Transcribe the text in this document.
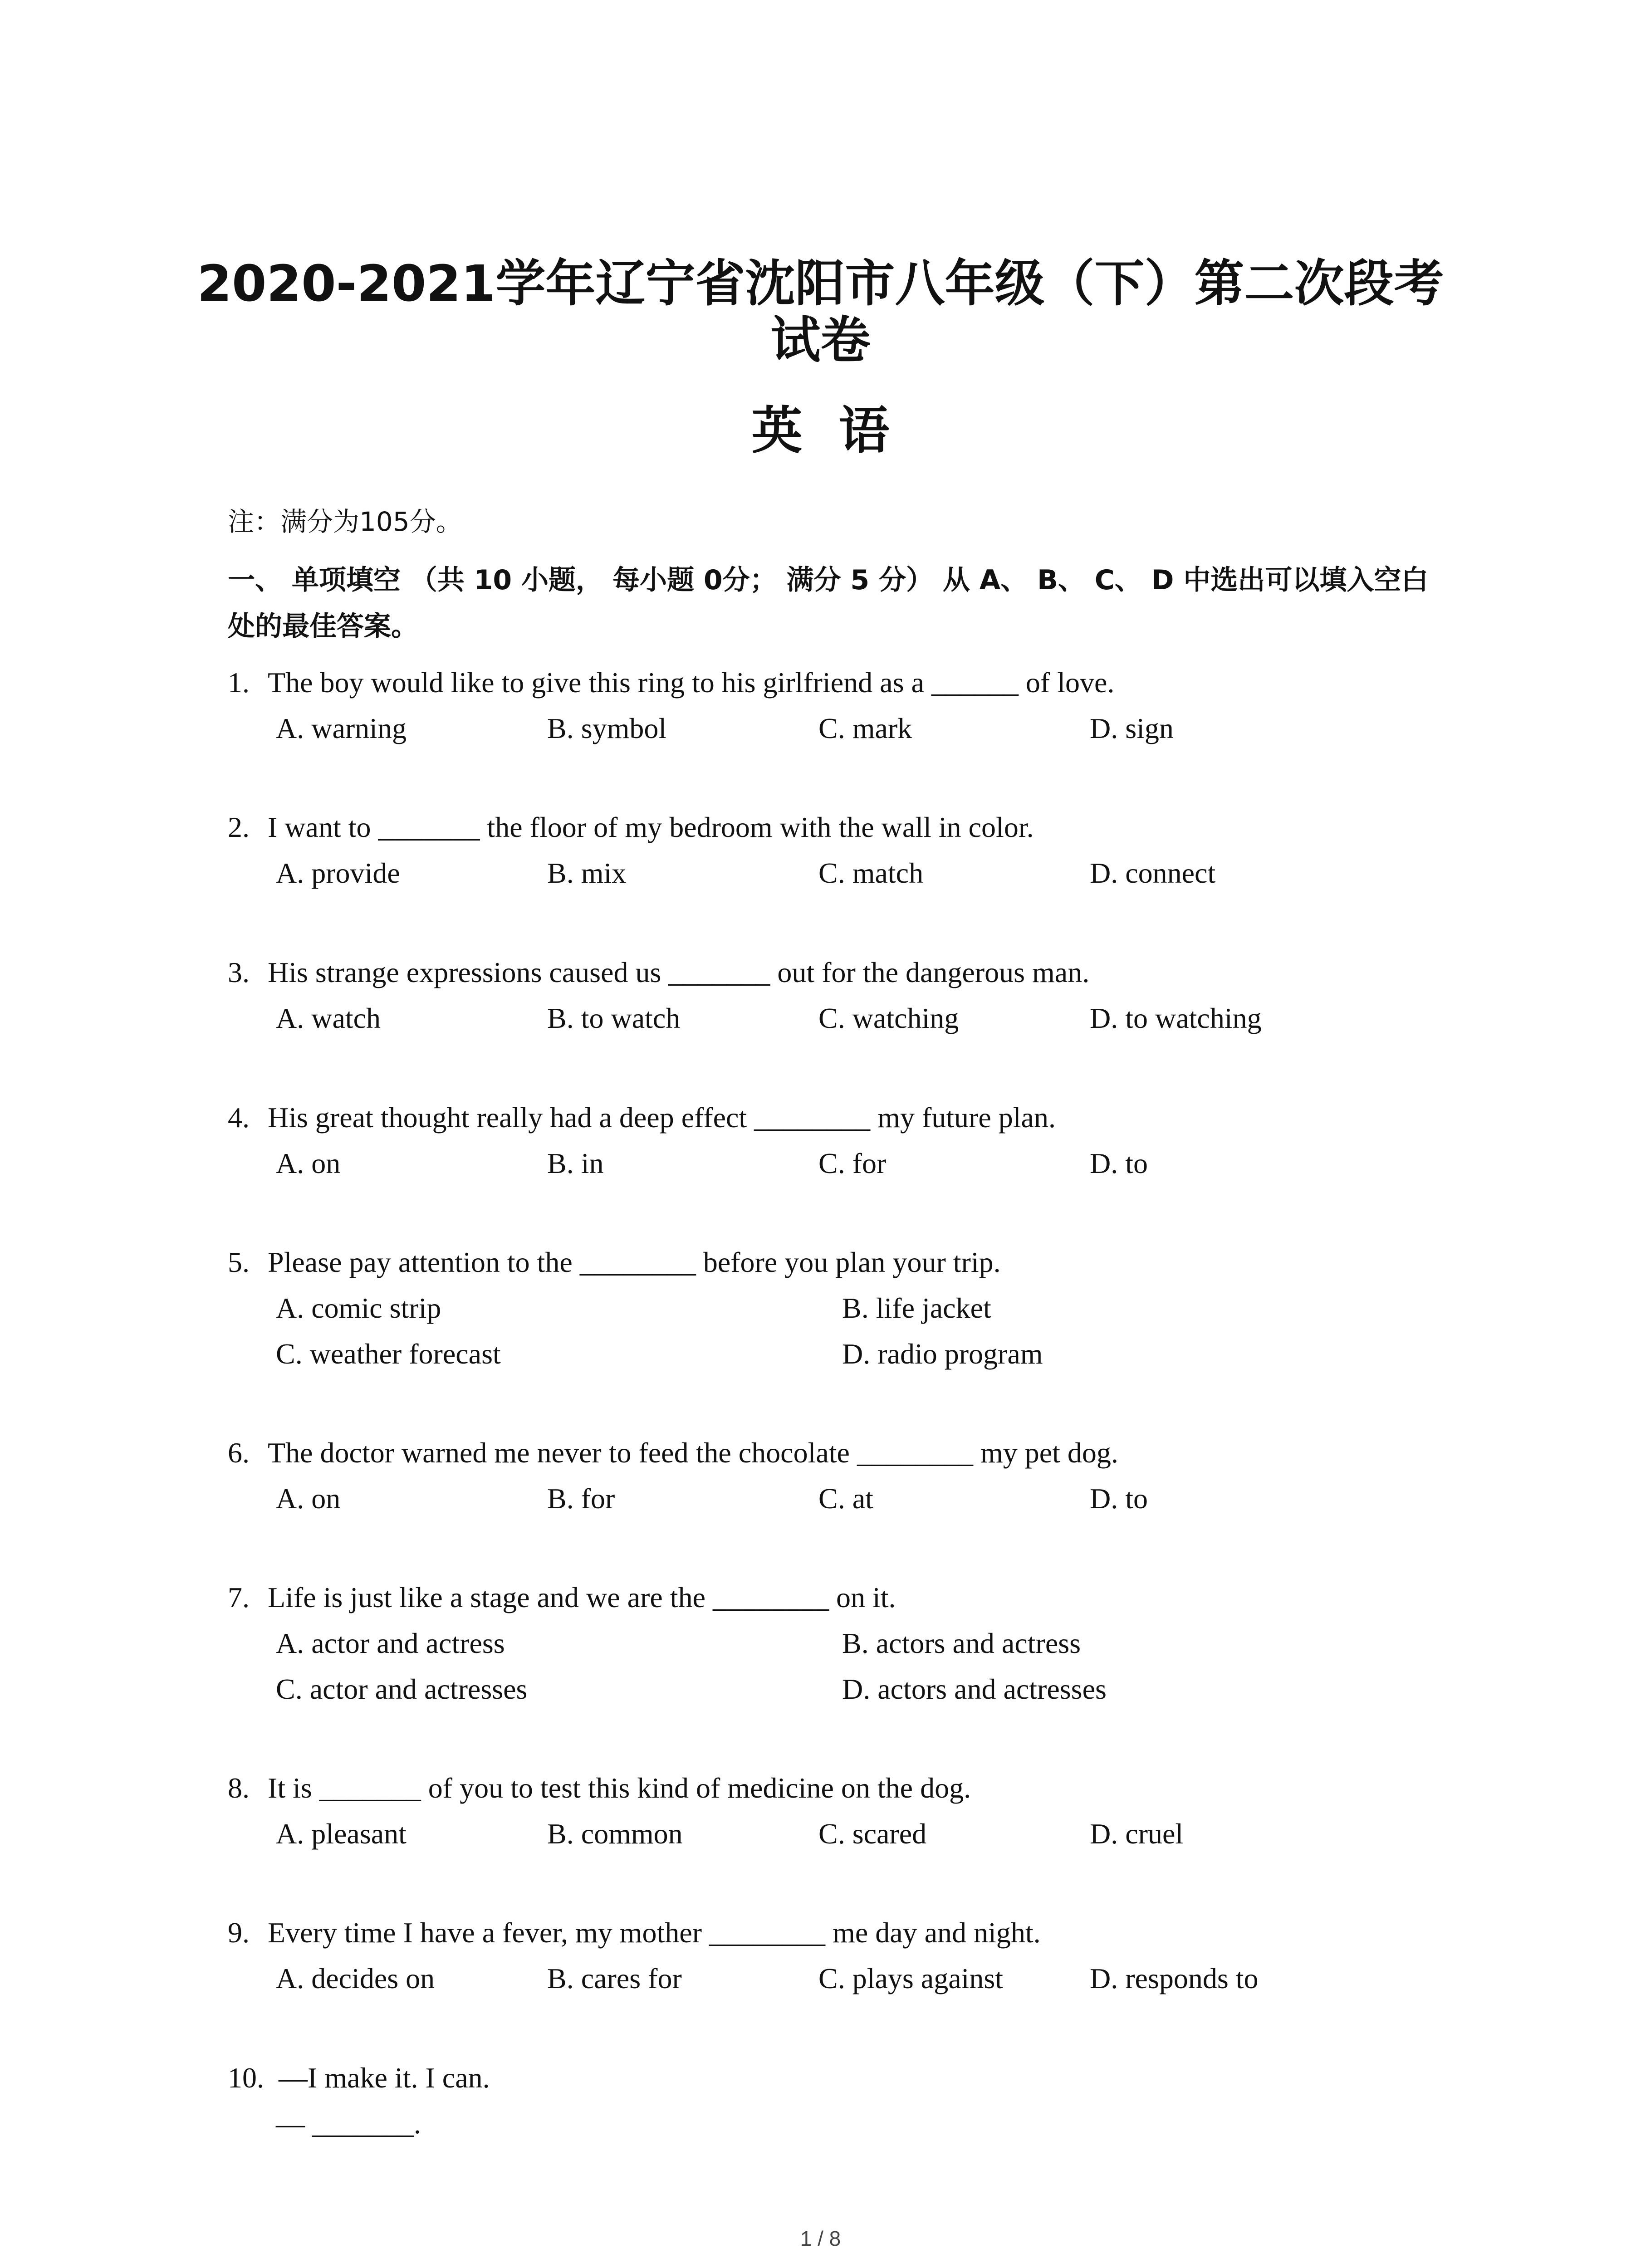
2020-2021学年辽宁省沈阳市八年级（下）第二次段考
试卷
英语
注：满分为105分。
一、 单项填空 （共 10 小题， 每小题 0分； 满分 5 分） 从 A、 B、 C、 D 中选出可以填入空白处的最佳答案。
1. The boy would like to give this ring to his girlfriend as a ______ of love.
A. warning	B. symbol	C. mark	D. sign
2. I want to _______ the floor of my bedroom with the wall in color.
A. provide	B. mix	C. match	D. connect
3. His strange expressions caused us _______ out for the dangerous man.
A. watch	B. to watch	C. watching	D. to watching
4. His great thought really had a deep effect ________ my future plan.
A. on	B. in	C. for	D. to
5. Please pay attention to the ________ before you plan your trip.
A. comic strip	B. life jacket
C. weather forecast	D. radio program
6. The doctor warned me never to feed the chocolate ________ my pet dog.
A. on	B. for	C. at	D. to
7. Life is just like a stage and we are the ________ on it.
A. actor and actress	B. actors and actress
C. actor and actresses	D. actors and actresses
8. It is _______ of you to test this kind of medicine on the dog.
A. pleasant	B. common	C. scared	D. cruel
9. Every time I have a fever, my mother ________ me day and night.
A. decides on	B. cares for	C. plays against	D. responds to
10. —I make it. I can.
— _______.
1 / 8
